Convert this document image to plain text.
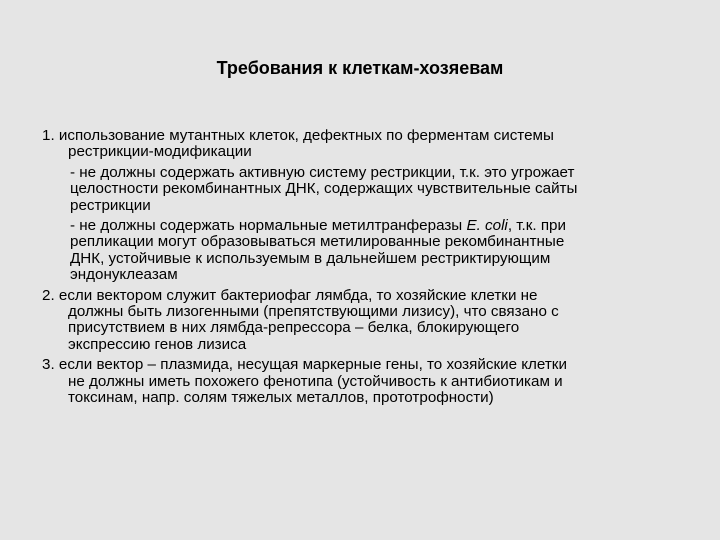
Требования к клеткам-хозяевам
1. использование мутантных клеток, дефектных по ферментам системы
рестрикции-модификации
- не должны содержать активную систему рестрикции, т.к. это угрожает
целостности рекомбинантных ДНК, содержащих чувствительные сайты
рестрикции
- не должны содержать нормальные метилтранферазы E. coli, т.к. при
репликации могут образовываться метилированные рекомбинантные
ДНК, устойчивые к используемым в дальнейшем рестриктирующим
эндонуклеазам
2. если вектором служит бактериофаг лямбда, то хозяйские клетки не
должны быть лизогенными (препятствующими лизису), что связано с
присутствием в них лямбда-репрессора – белка, блокирующего
экспрессию генов лизиса
3. если вектор – плазмида, несущая маркерные гены, то хозяйские клетки
не должны иметь похожего фенотипа (устойчивость к антибиотикам и
токсинам, напр. солям тяжелых металлов, прототрофности)
